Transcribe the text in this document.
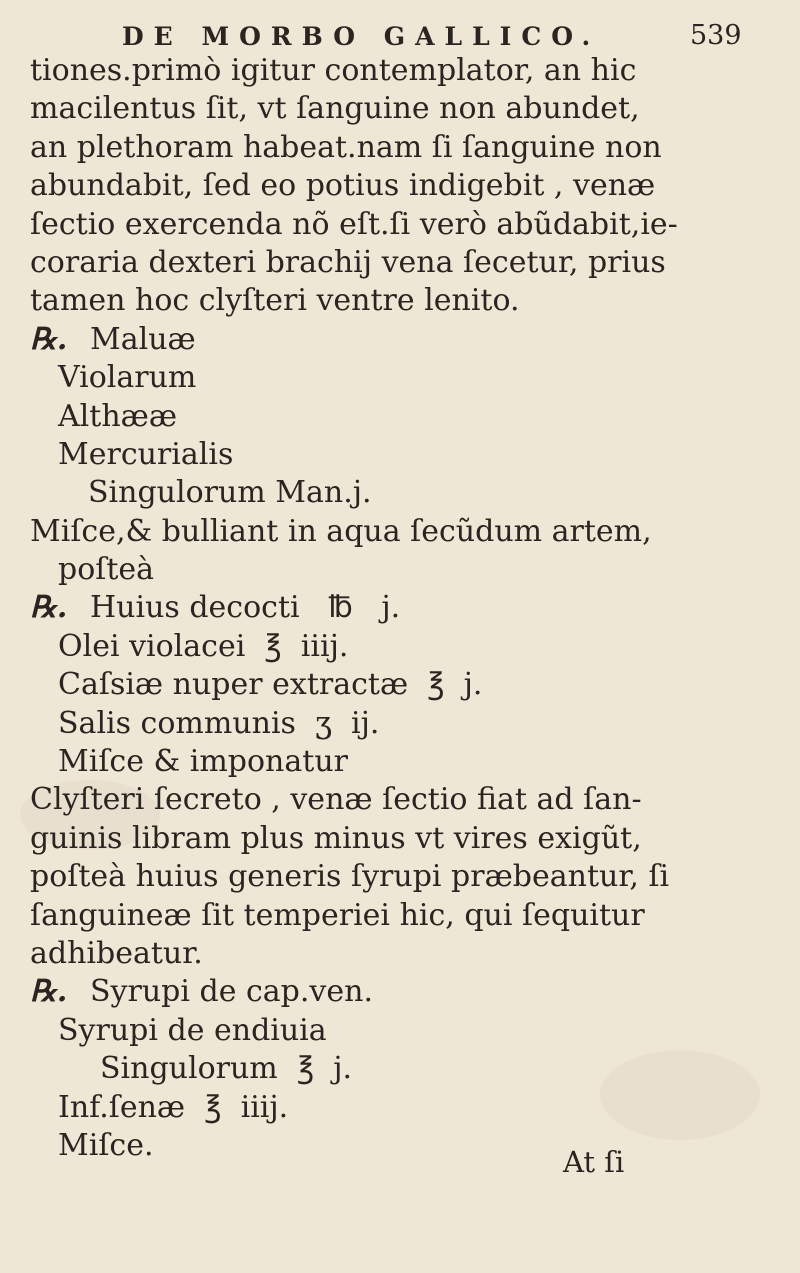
DE MORBO GALLICO.	539
tiones.primò igitur contemplator, an hic
macilentus ſit, vt ſanguine non abundet,
an plethoram habeat.nam ſi ſanguine non
abundabit, ſed eo potius indigebit , venæ
ſectio exercenda nõ eſt.ſi verò abũdabit,ie-
coraria dexteri brachij vena ſecetur, prius
tamen hoc clyſteri ventre lenito.
℞. Maluæ
Violarum
Althææ
Mercurialis
Singulorum Man.j.
Miſce,& bulliant in aqua ſecũdum artem,
poſteà
℞. Huius decocti   ℔   j.
Olei violacei  ℥  iiij.
Caſsiæ nuper extractæ  ℥  j.
Salis communis  ʒ  ij.
Miſce & imponatur
Clyſteri ſecreto , venæ ſectio fiat ad ſan-
guinis libram plus minus vt vires exigũt,
poſteà huius generis ſyrupi præbeantur, ſi
ſanguineæ ſit temperiei hic, qui ſequitur
adhibeatur.
℞. Syrupi de cap.ven.
Syrupi de endiuia
Singulorum  ℥  j.
Inf.ſenæ  ℥  iiij.
Miſce.	At ſi
